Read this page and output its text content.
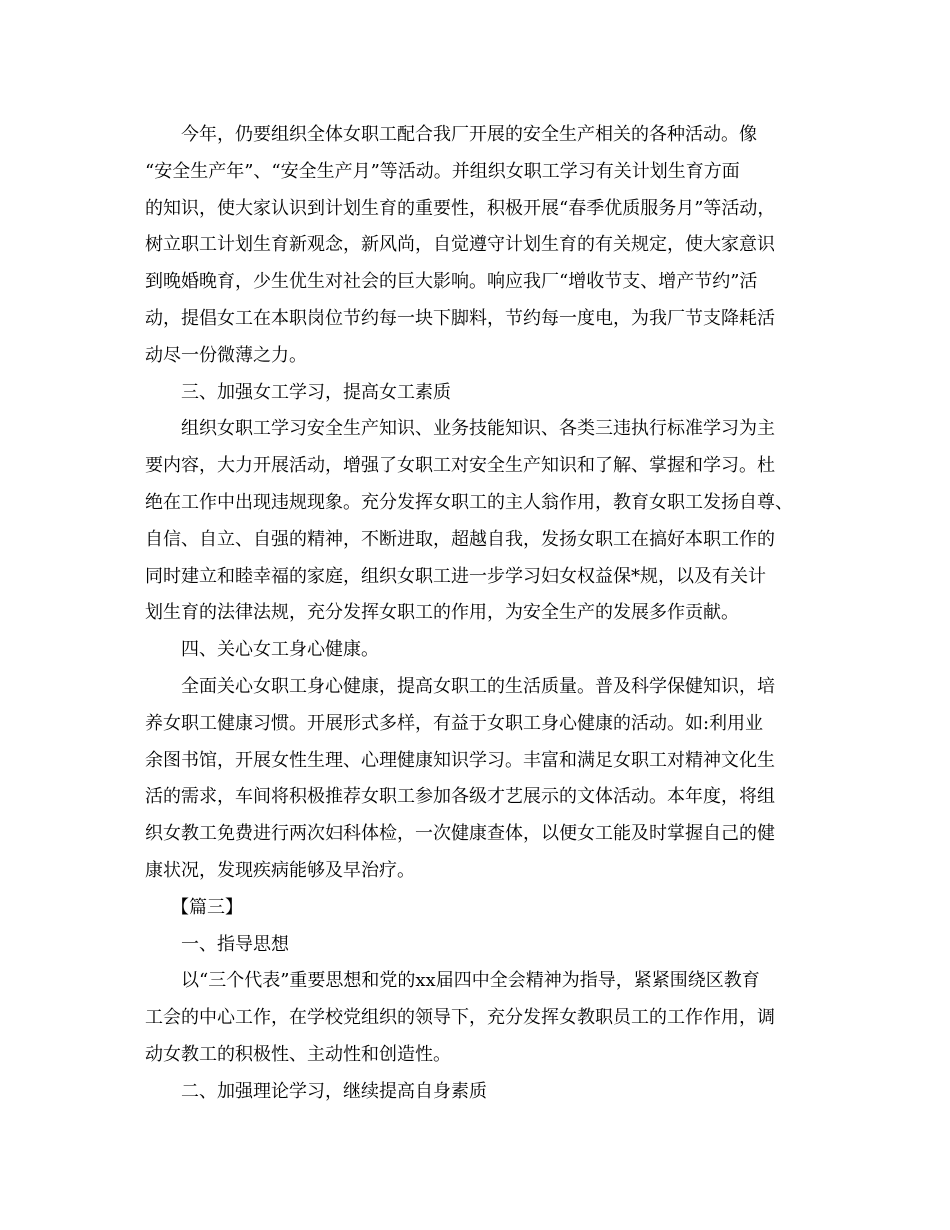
今年，仍要组织全体女职工配合我厂开展的安全生产相关的各种活动。像
“安全生产年”、“安全生产月”等活动。并组织女职工学习有关计划生育方面
的知识，使大家认识到计划生育的重要性，积极开展“春季优质服务月”等活动，
树立职工计划生育新观念，新风尚，自觉遵守计划生育的有关规定，使大家意识
到晚婚晚育，少生优生对社会的巨大影响。响应我厂“增收节支、增产节约”活
动，提倡女工在本职岗位节约每一块下脚料，节约每一度电，为我厂节支降耗活
动尽一份微薄之力。
三、加强女工学习，提高女工素质
组织女职工学习安全生产知识、业务技能知识、各类三违执行标准学习为主
要内容，大力开展活动，增强了女职工对安全生产知识和了解、掌握和学习。杜
绝在工作中出现违规现象。充分发挥女职工的主人翁作用，教育女职工发扬自尊、
自信、自立、自强的精神，不断进取，超越自我，发扬女职工在搞好本职工作的
同时建立和睦幸福的家庭，组织女职工进一步学习妇女权益保*规，以及有关计
划生育的法律法规，充分发挥女职工的作用，为安全生产的发展多作贡献。
四、关心女工身心健康。
全面关心女职工身心健康，提高女职工的生活质量。普及科学保健知识，培
养女职工健康习惯。开展形式多样，有益于女职工身心健康的活动。如:利用业
余图书馆，开展女性生理、心理健康知识学习。丰富和满足女职工对精神文化生
活的需求，车间将积极推荐女职工参加各级才艺展示的文体活动。本年度，将组
织女教工免费进行两次妇科体检，一次健康查体，以便女工能及时掌握自己的健
康状况，发现疾病能够及早治疗。
【篇三】
一、指导思想
以“三个代表”重要思想和党的xx届四中全会精神为指导，紧紧围绕区教育
工会的中心工作，在学校党组织的领导下，充分发挥女教职员工的工作作用，调
动女教工的积极性、主动性和创造性。
二、加强理论学习，继续提高自身素质
